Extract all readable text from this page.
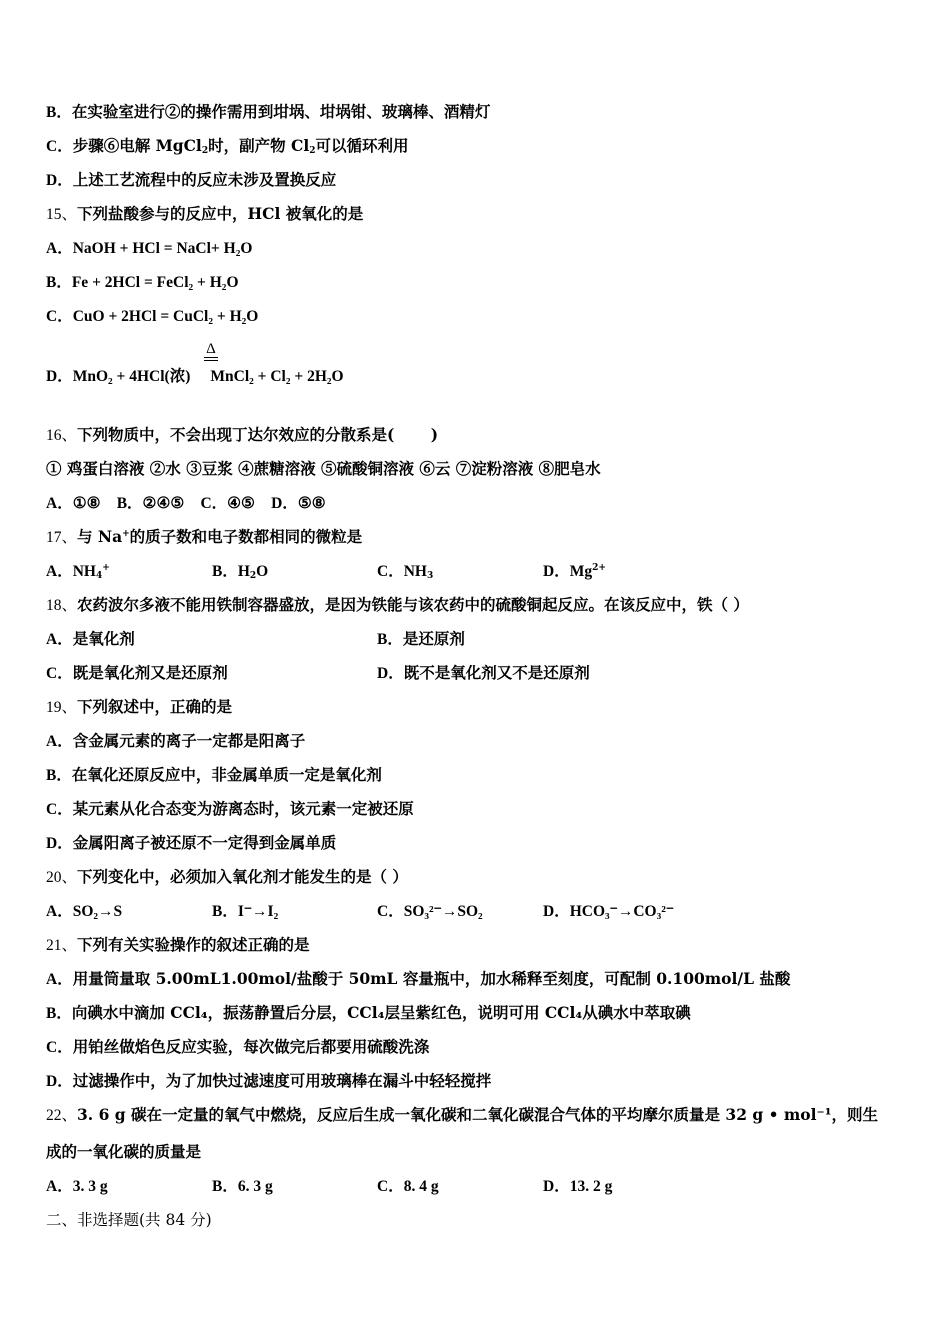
B．在实验室进行②的操作需用到坩埚、坩埚钳、玻璃棒、酒精灯
C．步骤⑥电解 MgCl$_2$时，副产物 $Cl_2$可以循环利用
D．上述工艺流程中的反应未涉及置换反应
15、下列盐酸参与的反应中，HCl 被氧化的是
A．NaOH + HCl = NaCl+ H₂O
B．Fe + 2HCl = FeCl₂ + H₂O
C．CuO + 2HCl = CuCl₂ + H₂O
Δ
D．MnO₂ + 4HCl(浓) MnCl₂ + Cl₂ + 2H₂O
16、下列物质中，不会出现丁达尔效应的分散系是(　　 )
① 鸡蛋白溶液 ②水 ③豆浆 ④蔗糖溶液 ⑤硫酸铜溶液 ⑥云 ⑦淀粉溶液 ⑧肥皂水
A．①⑧ B．②④⑤ C．④⑤ D．⑤⑧
17、与 Na+的质子数和电子数都相同的微粒是
A．$NH_4^+$	B．$H_2O$	C．$NH_3$	D．$Mg^{2+}$
18、农药波尔多液不能用铁制容器盛放，是因为铁能与该农药中的硫酸铜起反应。在该反应中，铁（ ）
A．是氧化剂	B．是还原剂
C．既是氧化剂又是还原剂	D．既不是氧化剂又不是还原剂
19、下列叙述中，正确的是
A．含金属元素的离子一定都是阳离子
B．在氧化还原反应中，非金属单质一定是氧化剂
C．某元素从化合态变为游离态时，该元素一定被还原
D．金属阳离子被还原不一定得到金属单质
20、下列变化中，必须加入氧化剂才能发生的是（ ）
A．SO₂→S	B．I⁻→I₂	C．SO₃²⁻→SO₂	D．HCO₃⁻→CO₃²⁻
21、下列有关实验操作的叙述正确的是
A．用量筒量取 5.00mL1.00mol/盐酸于 50mL 容量瓶中，加水稀释至刻度，可配制 0.100mol/L 盐酸
B．向碘水中滴加 CCl₄，振荡静置后分层，CCl₄层呈紫红色，说明可用 CCl₄从碘水中萃取碘
C．用铂丝做焰色反应实验，每次做完后都要用硫酸洗涤
D．过滤操作中，为了加快过滤速度可用玻璃棒在漏斗中轻轻搅拌
22、3. 6 g 碳在一定量的氧气中燃烧，反应后生成一氧化碳和二氧化碳混合气体的平均摩尔质量是 32 g • mol⁻¹，则生
成的一氧化碳的质量是
A．3. 3 g	B．6. 3 g	C．8. 4 g	D．13. 2 g
二、非选择题(共 84 分)
